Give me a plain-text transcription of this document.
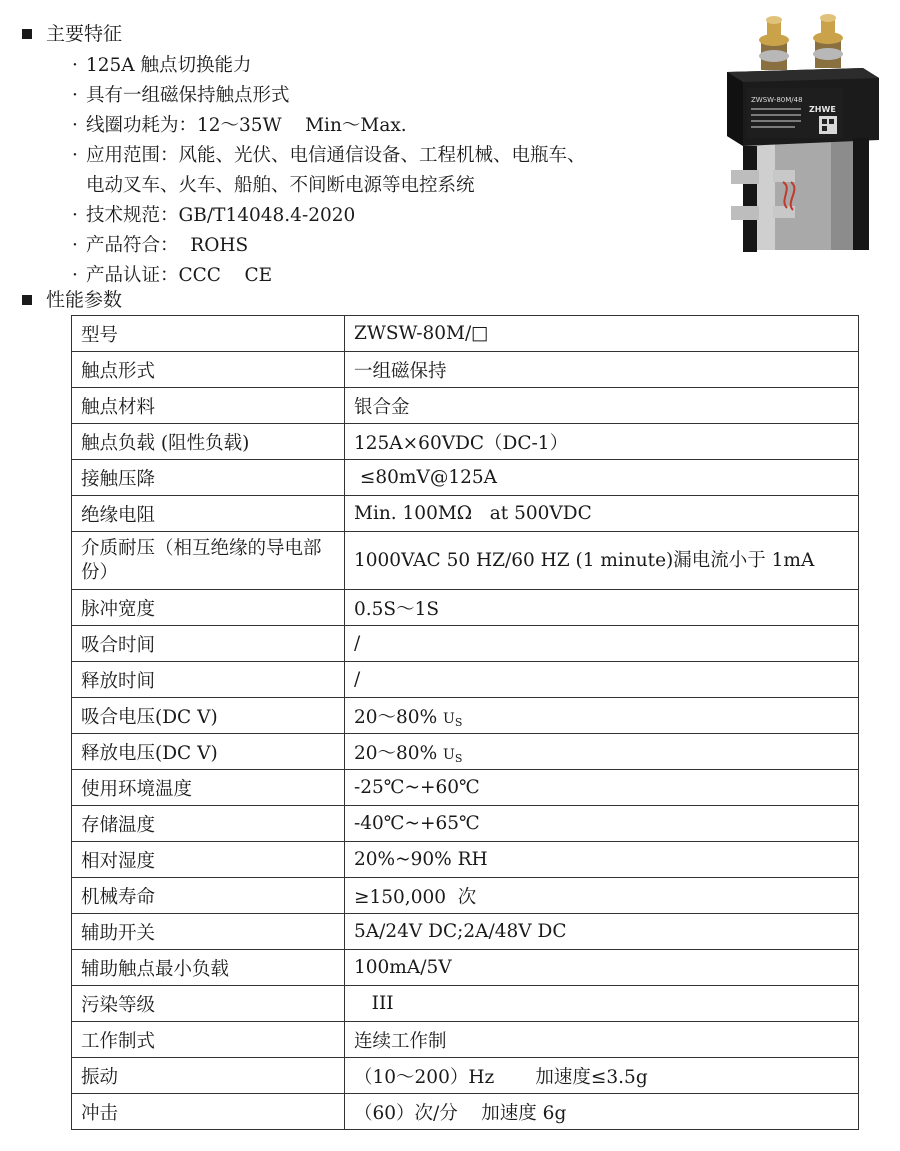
主要特征
· 125A 触点切换能力
· 具有一组磁保持触点形式
· 线圈功耗为：12～35W    Min～Max.
· 应用范围：风能、光伏、电信通信设备、工程机械、电瓶车、
电动叉车、火车、船舶、不间断电源等电控系统
· 技术规范：GB/T14048.4-2020
· 产品符合：  ROHS
· 产品认证：CCC    CE
ZWSW-80M/48
ZHWE
性能参数
型号	ZWSW-80M/□
触点形式	一组磁保持
触点材料	银合金
触点负载 (阻性负载)	125A×60VDC（DC-1）
接触压降	≤80mV@125A
绝缘电阻	Min. 100MΩ   at 500VDC
介质耐压（相互绝缘的导电部份）	1000VAC 50 HZ/60 HZ (1 minute)漏电流小于 1mA
脉冲宽度	0.5S～1S
吸合时间	/
释放时间	/
吸合电压(DC V)	20～80% $U_S$
释放电压(DC V)	20～80% $U_S$
使用环境温度	-25℃~+60℃
存储温度	-40℃~+65℃
相对湿度	20%~90% RH
机械寿命	≥150,000  次
辅助开关	5A/24V DC;2A/48V DC
辅助触点最小负载	100mA/5V
污染等级	III
工作制式	连续工作制
振动	（10～200）Hz       加速度≤3.5g
冲击	（60）次/分    加速度 6g
